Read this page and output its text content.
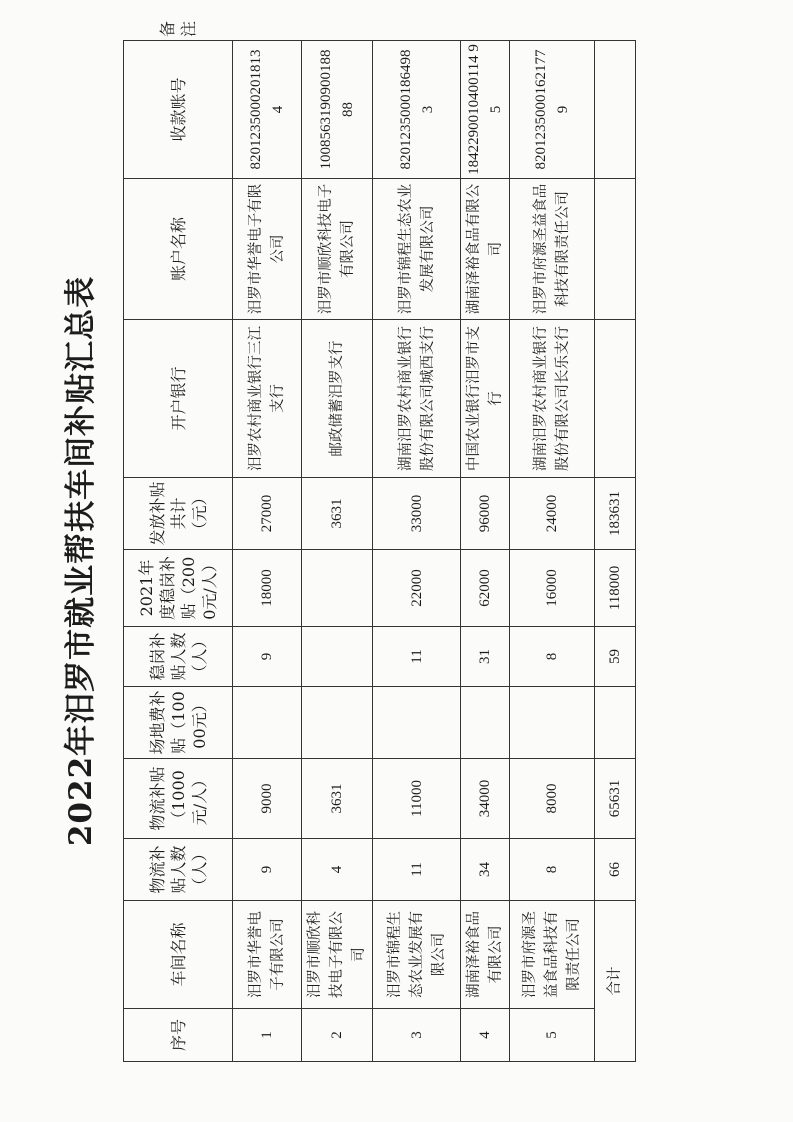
2022年汨罗市就业帮扶车间补贴汇总表
序号	车间名称	物流补贴人数（人）	物流补贴（1000元/人）	场地费补贴（10000元）	稳岗补贴人数（人）	2021年度稳岗补贴（2000元/人）	发放补贴共计（元）	开户银行	账户名称	收款账号	备注
1	汨罗市华誉电子有限公司	9	9000		9	18000	27000	汨罗农村商业银行三江支行	汨罗市华誉电子有限公司	8201235000201813 4	
2	汨罗市顺欣科技电子有限公司	4	3631				3631	邮政储蓄汨罗支行	汨罗市顺欣科技电子有限公司	1008563190900188 88	
3	汨罗市锦程生态农业发展有限公司	11	11000		11	22000	33000	湖南汨罗农村商业银行股份有限公司城西支行	汨罗市锦程生态农业发展有限公司	8201235000186498 3	
4	湖南泽裕食品有限公司	34	34000		31	62000	96000	中国农业银行汨罗市支行	湖南泽裕食品有限公司	1842290010400114 95	
5	汨罗市府源圣益食品科技有限责任公司	8	8000		8	16000	24000	湖南汨罗农村商业银行股份有限公司长乐支行	汨罗市府源圣益食品科技有限责任公司	8201235000162177 9	
合计		66	65631		59	118000	183631				
